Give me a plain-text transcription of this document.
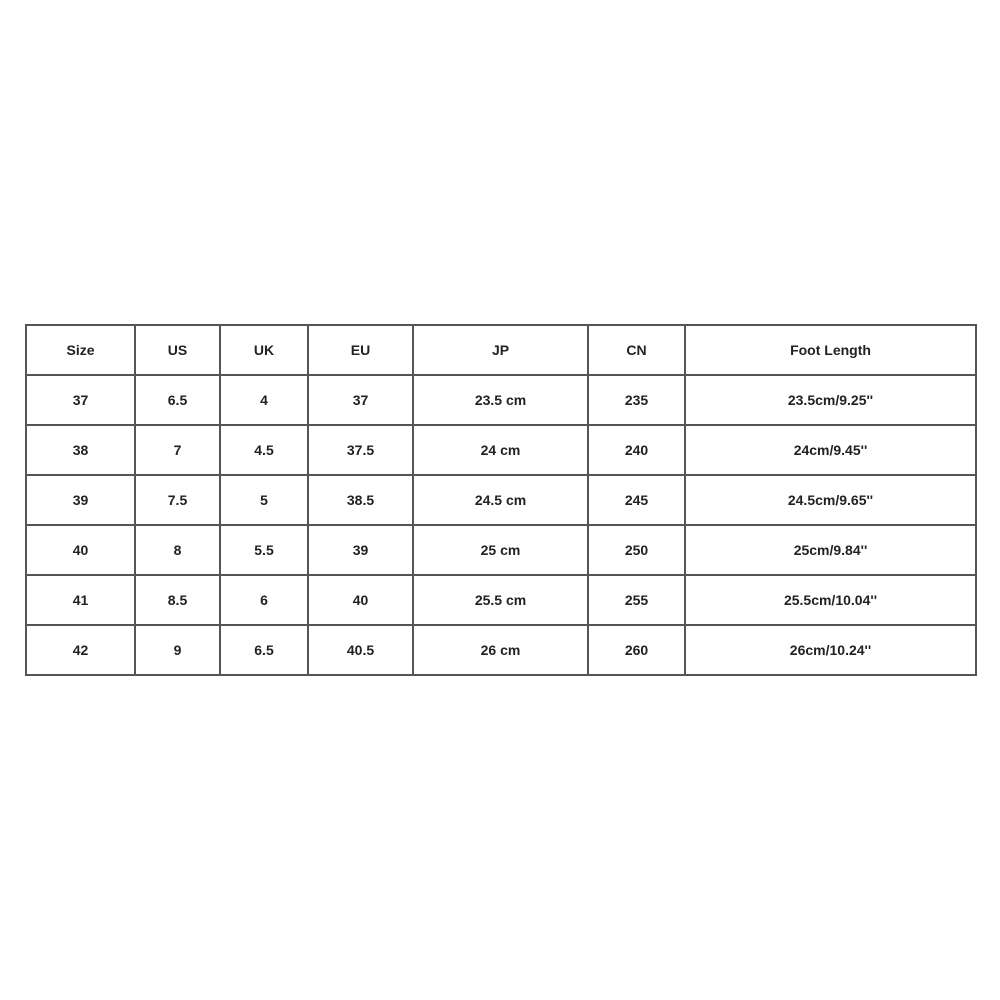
Size	US	UK	EU	JP	CN	Foot Length
37	6.5	4	37	23.5 cm	235	23.5cm/9.25''
38	7	4.5	37.5	24 cm	240	24cm/9.45''
39	7.5	5	38.5	24.5 cm	245	24.5cm/9.65''
40	8	5.5	39	25 cm	250	25cm/9.84''
41	8.5	6	40	25.5 cm	255	25.5cm/10.04''
42	9	6.5	40.5	26 cm	260	26cm/10.24''
